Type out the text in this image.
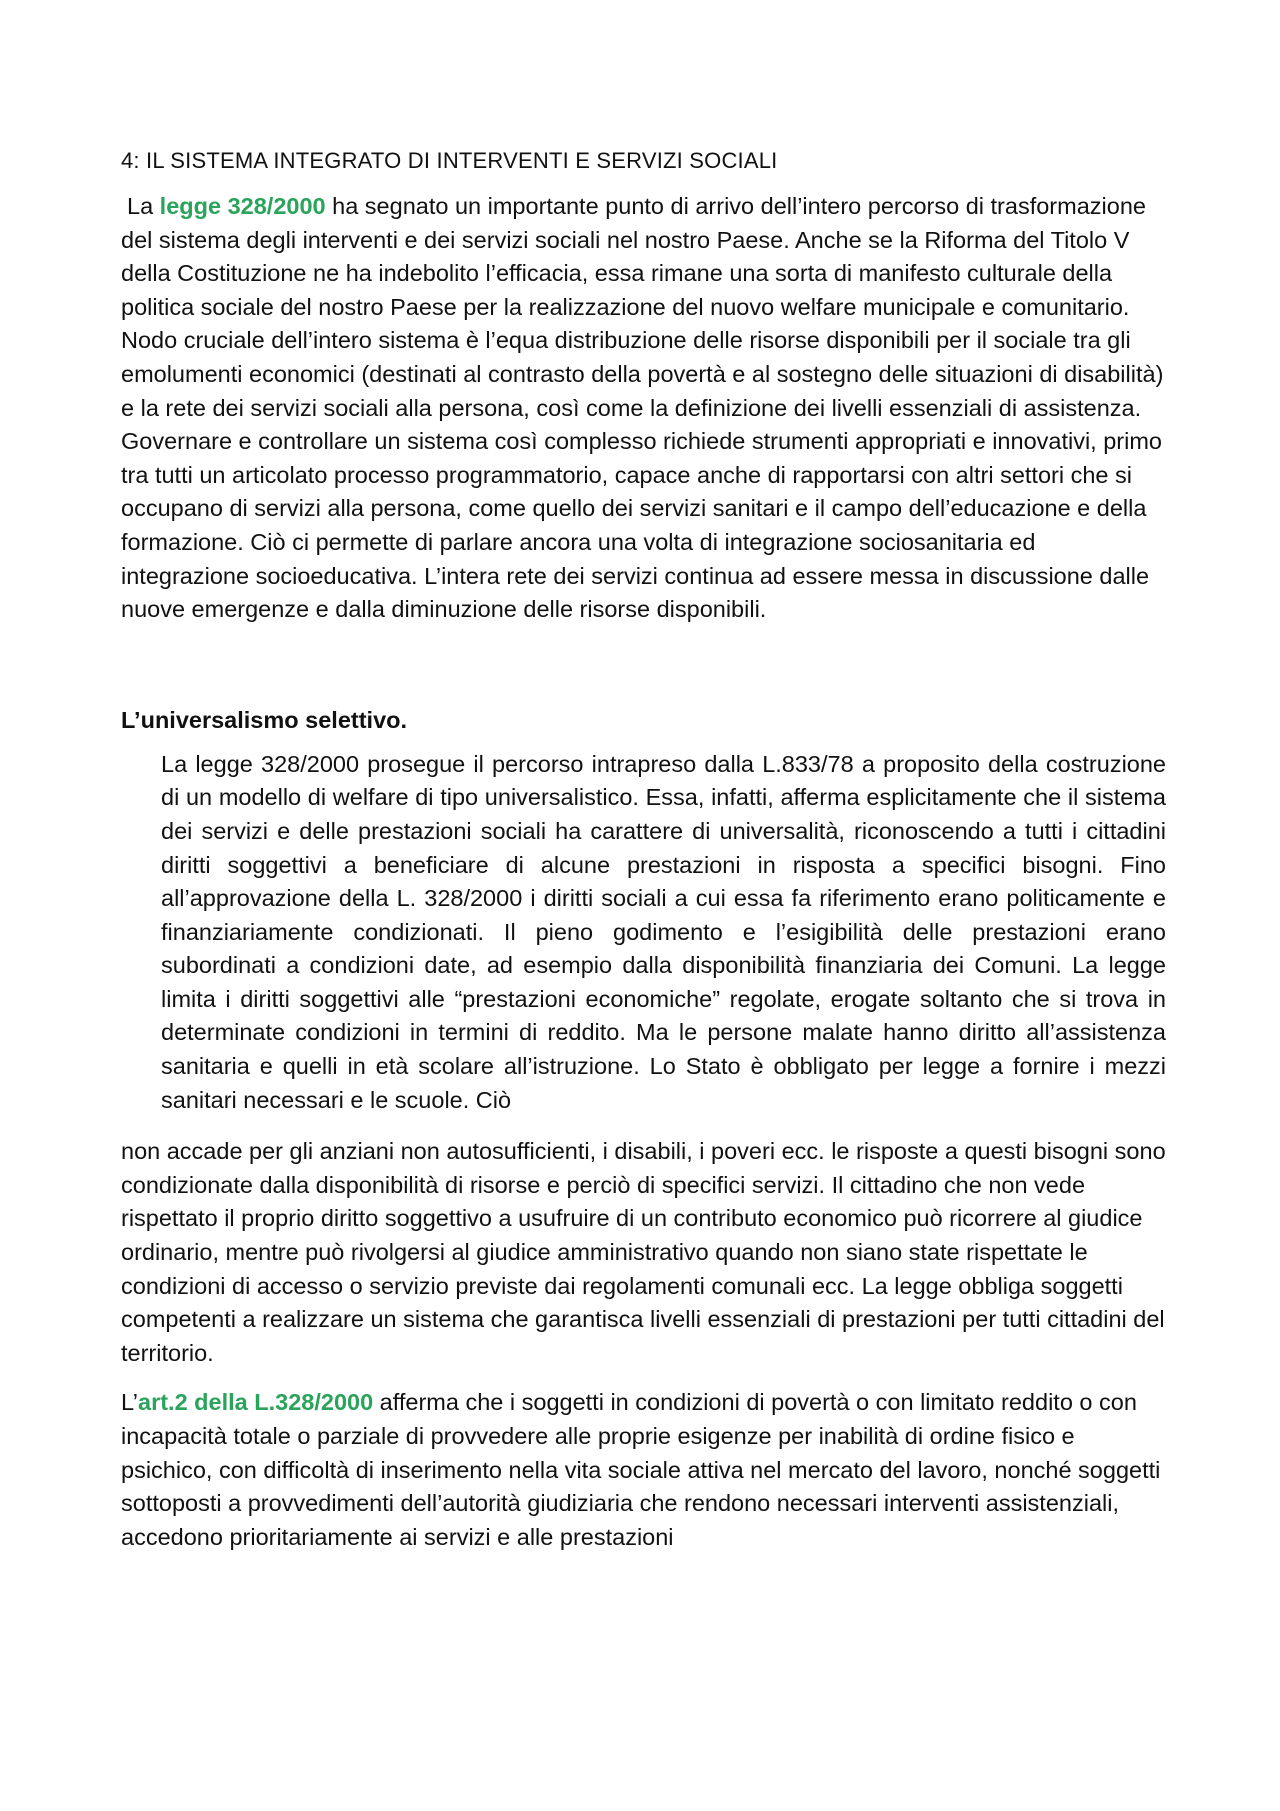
4: IL SISTEMA INTEGRATO DI INTERVENTI E SERVIZI SOCIALI

La legge 328/2000 ha segnato un importante punto di arrivo dell’intero percorso di trasformazione del sistema degli interventi e dei servizi sociali nel nostro Paese. Anche se la Riforma del Titolo V della Costituzione ne ha indebolito l’efficacia, essa rimane una sorta di manifesto culturale della politica sociale del nostro Paese per la realizzazione del nuovo welfare municipale e comunitario. Nodo cruciale dell’intero sistema è l’equa distribuzione delle risorse disponibili per il sociale tra gli emolumenti economici (destinati al contrasto della povertà e al sostegno delle situazioni di disabilità) e la rete dei servizi sociali alla persona, così come la definizione dei livelli essenziali di assistenza. Governare e controllare un sistema così complesso richiede strumenti appropriati e innovativi, primo tra tutti un articolato processo programmatorio, capace anche di rapportarsi con altri settori che si occupano di servizi alla persona, come quello dei servizi sanitari e il campo dell’educazione e della formazione. Ciò ci permette di parlare ancora una volta di integrazione sociosanitaria ed integrazione socioeducativa. L’intera rete dei servizi continua ad essere messa in discussione dalle nuove emergenze e dalla diminuzione delle risorse disponibili.

L’universalismo selettivo.

La legge 328/2000 prosegue il percorso intrapreso dalla L.833/78 a proposito della costruzione di un modello di welfare di tipo universalistico. Essa, infatti, afferma esplicitamente che il sistema dei servizi e delle prestazioni sociali ha carattere di universalità, riconoscendo a tutti i cittadini diritti soggettivi a beneficiare di alcune prestazioni in risposta a specifici bisogni. Fino all’approvazione della L. 328/2000 i diritti sociali a cui essa fa riferimento erano politicamente e finanziariamente condizionati. Il pieno godimento e l’esigibilità delle prestazioni erano subordinati a condizioni date, ad esempio dalla disponibilità finanziaria dei Comuni. La legge limita i diritti soggettivi alle “prestazioni economiche” regolate, erogate soltanto che si trova in determinate condizioni in termini di reddito. Ma le persone malate hanno diritto all’assistenza sanitaria e quelli in età scolare all’istruzione. Lo Stato è obbligato per legge a fornire i mezzi sanitari necessari e le scuole. Ciò

non accade per gli anziani non autosufficienti, i disabili, i poveri ecc. le risposte a questi bisogni sono condizionate dalla disponibilità di risorse e perciò di specifici servizi. Il cittadino che non vede rispettato il proprio diritto soggettivo a usufruire di un contributo economico può ricorrere al giudice ordinario, mentre può rivolgersi al giudice amministrativo quando non siano state rispettate le condizioni di accesso o servizio previste dai regolamenti comunali ecc. La legge obbliga soggetti competenti a realizzare un sistema che garantisca livelli essenziali di prestazioni per tutti cittadini del territorio.

L’art.2 della L.328/2000 afferma che i soggetti in condizioni di povertà o con limitato reddito o con incapacità totale o parziale di provvedere alle proprie esigenze per inabilità di ordine fisico e psichico, con difficoltà di inserimento nella vita sociale attiva nel mercato del lavoro, nonché soggetti sottoposti a provvedimenti dell’autorità giudiziaria che rendono necessari interventi assistenziali, accedono prioritariamente ai servizi e alle prestazioni
